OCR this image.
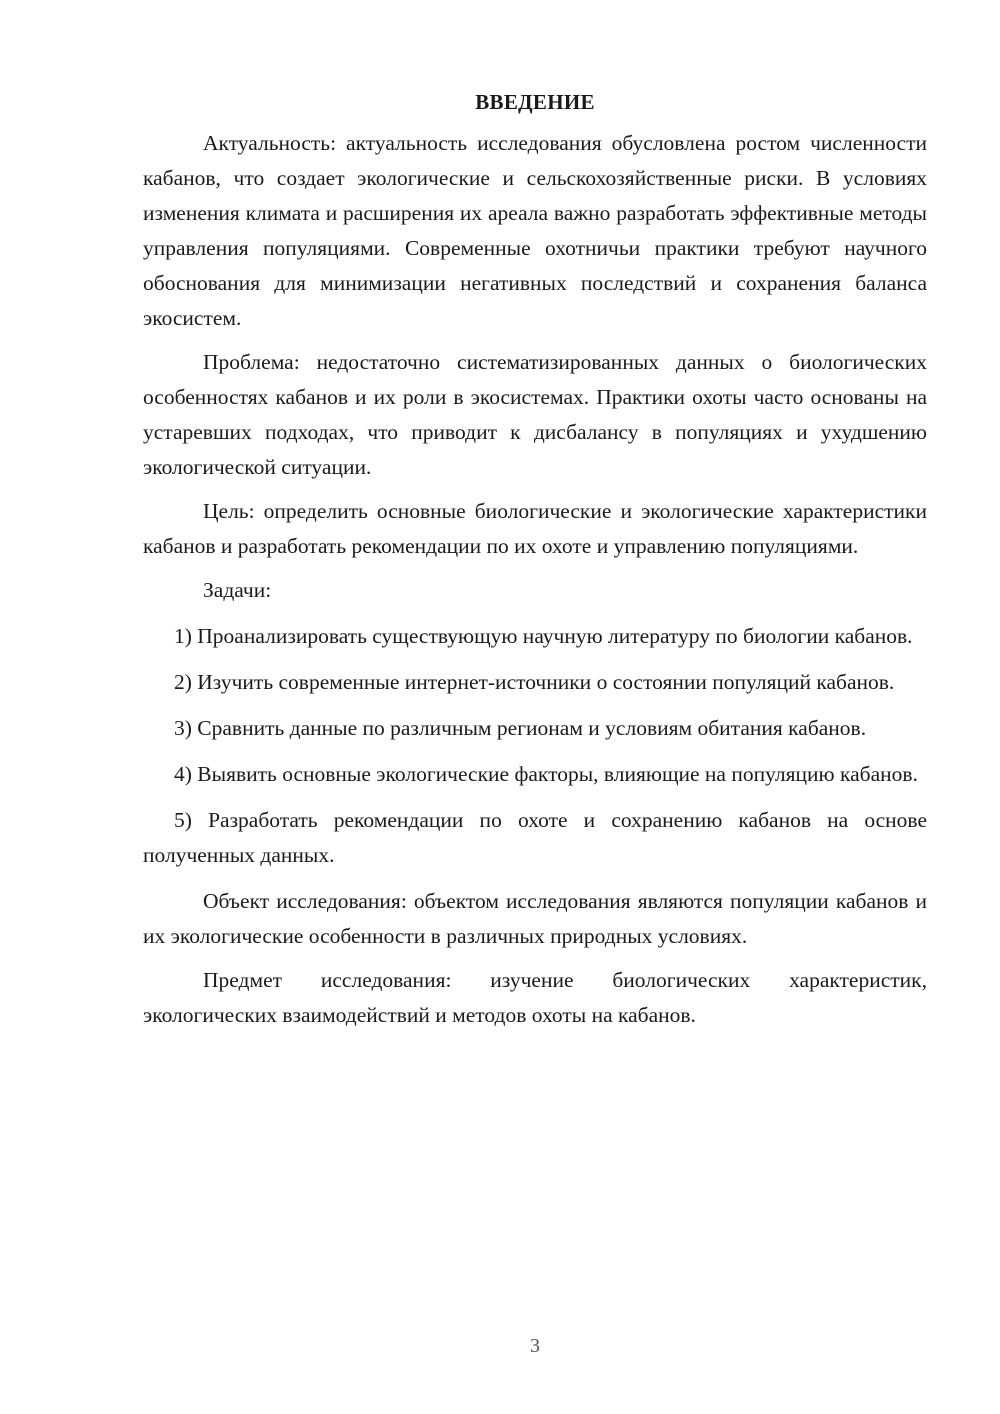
ВВЕДЕНИЕ

Актуальность: актуальность исследования обусловлена ростом численности кабанов, что создает экологические и сельскохозяйственные риски. В условиях изменения климата и расширения их ареала важно разработать эффективные методы управления популяциями. Современные охотничьи практики требуют научного обоснования для минимизации негативных последствий и сохранения баланса экосистем.

Проблема: недостаточно систематизированных данных о биологических особенностях кабанов и их роли в экосистемах. Практики охоты часто основаны на устаревших подходах, что приводит к дисбалансу в популяциях и ухудшению экологической ситуации.

Цель: определить основные биологические и экологические характеристики кабанов и разработать рекомендации по их охоте и управлению популяциями.

Задачи:

1) Проанализировать существующую научную литературу по биологии кабанов.

2) Изучить современные интернет-источники о состоянии популяций кабанов.

3) Сравнить данные по различным регионам и условиям обитания кабанов.

4) Выявить основные экологические факторы, влияющие на популяцию кабанов.

5) Разработать рекомендации по охоте и сохранению кабанов на основе полученных данных.

Объект исследования: объектом исследования являются популяции кабанов и их экологические особенности в различных природных условиях.

Предмет исследования: изучение биологических характеристик, экологических взаимодействий и методов охоты на кабанов.

3
